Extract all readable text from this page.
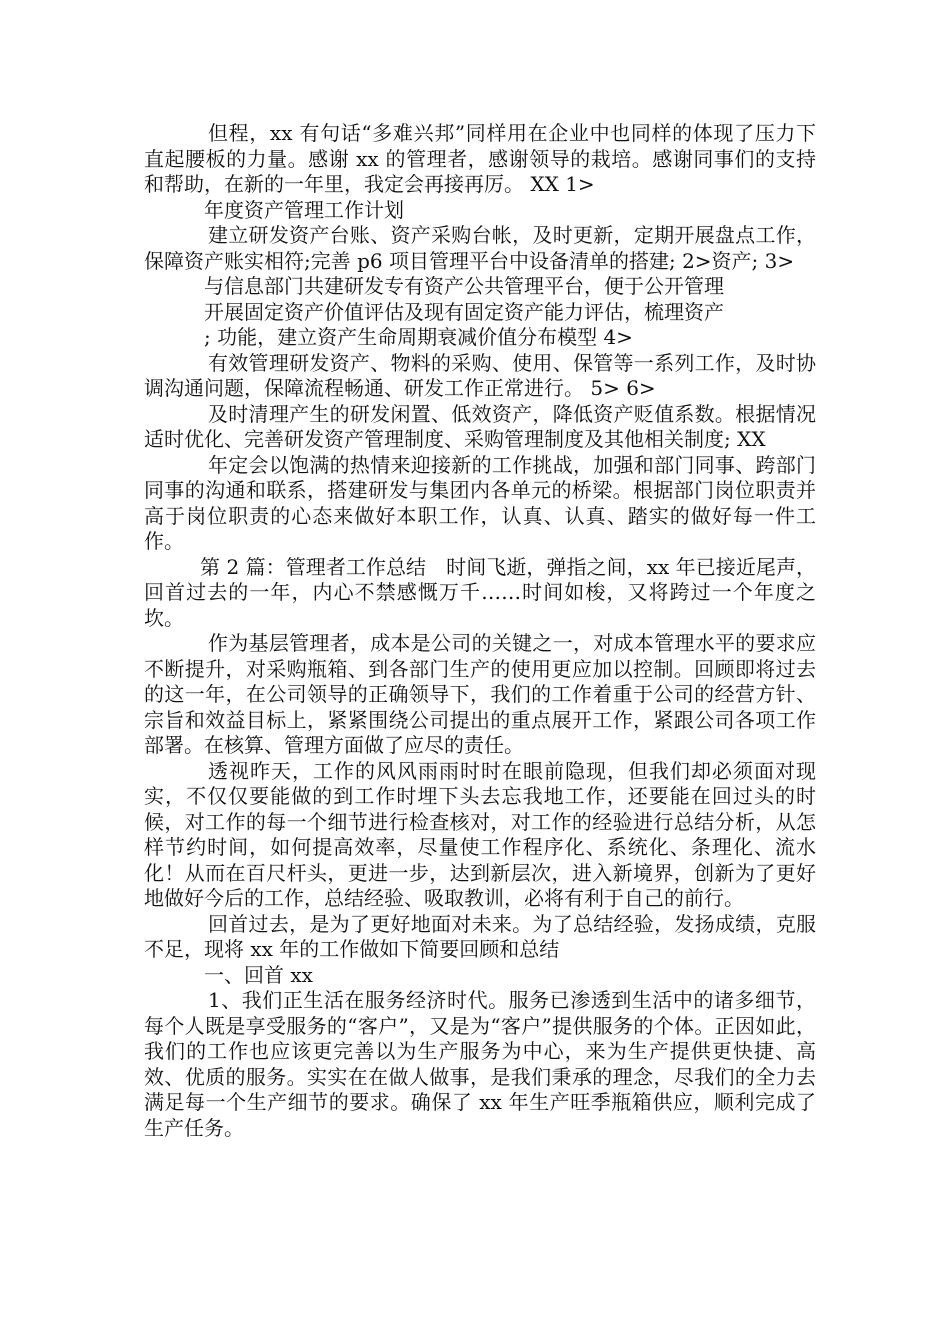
但程，xx 有句话“多难兴邦”同样用在企业中也同样的体现了压力下直起腰板的力量。感谢 xx 的管理者，感谢领导的栽培。感谢同事们的支持和帮助，在新的一年里，我定会再接再厉。 XX 1>

年度资产管理工作计划

建立研发资产台账、资产采购台帐，及时更新，定期开展盘点工作，保障资产账实相符;完善 p6 项目管理平台中设备清单的搭建; 2>资产; 3>

与信息部门共建研发专有资产公共管理平台，便于公开管理

开展固定资产价值评估及现有固定资产能力评估，梳理资产

; 功能，建立资产生命周期衰减价值分布模型 4>

有效管理研发资产、物料的采购、使用、保管等一系列工作，及时协调沟通问题，保障流程畅通、研发工作正常进行。 5> 6>

及时清理产生的研发闲置、低效资产，降低资产贬值系数。根据情况适时优化、完善研发资产管理制度、采购管理制度及其他相关制度; XX

年定会以饱满的热情来迎接新的工作挑战，加强和部门同事、跨部门同事的沟通和联系，搭建研发与集团内各单元的桥梁。根据部门岗位职责并高于岗位职责的心态来做好本职工作，认真、认真、踏实的做好每一件工作。

第 2 篇：管理者工作总结　时间飞逝，弹指之间，xx 年已接近尾声，回首过去的一年，内心不禁感慨万千……时间如梭，又将跨过一个年度之坎。

作为基层管理者，成本是公司的关键之一，对成本管理水平的要求应不断提升，对采购瓶箱、到各部门生产的使用更应加以控制。回顾即将过去的这一年，在公司领导的正确领导下，我们的工作着重于公司的经营方针、宗旨和效益目标上，紧紧围绕公司提出的重点展开工作，紧跟公司各项工作部署。在核算、管理方面做了应尽的责任。

透视昨天，工作的风风雨雨时时在眼前隐现，但我们却必须面对现实，不仅仅要能做的到工作时埋下头去忘我地工作，还要能在回过头的时候，对工作的每一个细节进行检查核对，对工作的经验进行总结分析，从怎样节约时间，如何提高效率，尽量使工作程序化、系统化、条理化、流水化！从而在百尺杆头，更进一步，达到新层次，进入新境界，创新为了更好地做好今后的工作，总结经验、吸取教训，必将有利于自己的前行。

回首过去，是为了更好地面对未来。为了总结经验，发扬成绩，克服不足，现将 xx 年的工作做如下简要回顾和总结

一、回首 xx

1、我们正生活在服务经济时代。服务已渗透到生活中的诸多细节，每个人既是享受服务的“客户”，又是为“客户”提供服务的个体。正因如此，我们的工作也应该更完善以为生产服务为中心，来为生产提供更快捷、高效、优质的服务。实实在在做人做事，是我们秉承的理念，尽我们的全力去满足每一个生产细节的要求。确保了 xx 年生产旺季瓶箱供应，顺利完成了生产任务。
